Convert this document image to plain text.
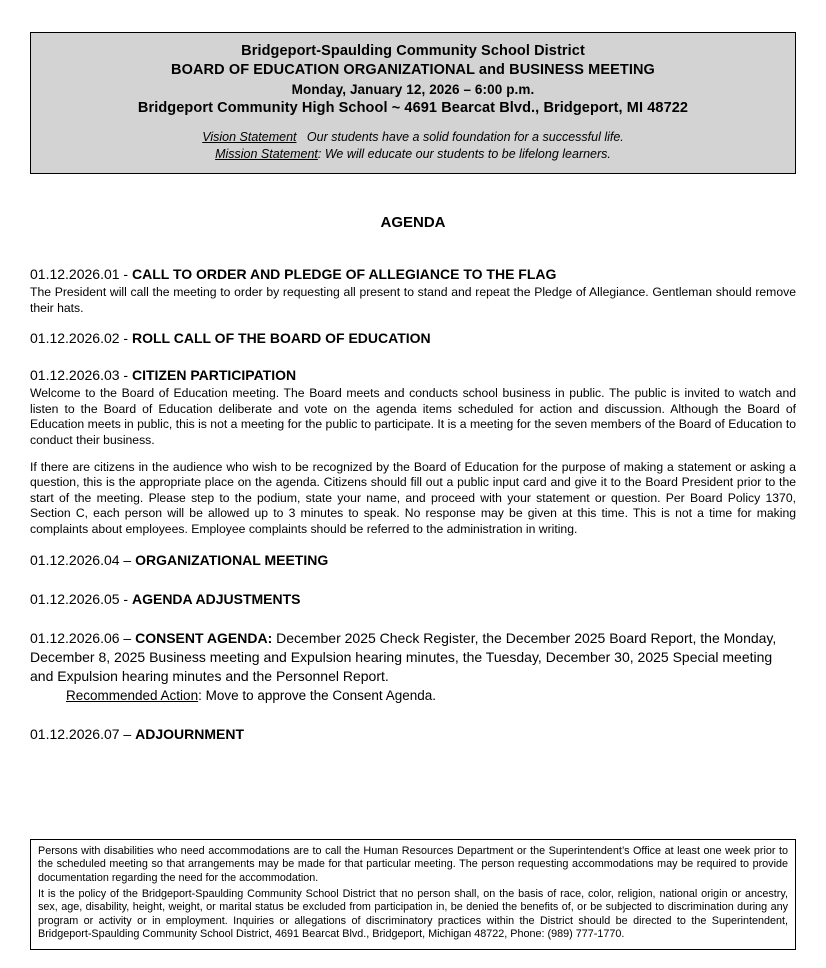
Bridgeport-Spaulding Community School District
BOARD OF EDUCATION ORGANIZATIONAL and BUSINESS MEETING
Monday, January 12, 2026 – 6:00 p.m.
Bridgeport Community High School ~ 4691 Bearcat Blvd., Bridgeport, MI 48722
Vision Statement Our students have a solid foundation for a successful life.
Mission Statement: We will educate our students to be lifelong learners.
AGENDA
01.12.2026.01 - CALL TO ORDER AND PLEDGE OF ALLEGIANCE TO THE FLAG

The President will call the meeting to order by requesting all present to stand and repeat the Pledge of Allegiance. Gentleman should remove their hats.

01.12.2026.02 - ROLL CALL OF THE BOARD OF EDUCATION
01.12.2026.03 - CITIZEN PARTICIPATION

Welcome to the Board of Education meeting. The Board meets and conducts school business in public. The public is invited to watch and listen to the Board of Education deliberate and vote on the agenda items scheduled for action and discussion. Although the Board of Education meets in public, this is not a meeting for the public to participate. It is a meeting for the seven members of the Board of Education to conduct their business.

If there are citizens in the audience who wish to be recognized by the Board of Education for the purpose of making a statement or asking a question, this is the appropriate place on the agenda. Citizens should fill out a public input card and give it to the Board President prior to the start of the meeting. Please step to the podium, state your name, and proceed with your statement or question. Per Board Policy 1370, Section C, each person will be allowed up to 3 minutes to speak. No response may be given at this time. This is not a time for making complaints about employees. Employee complaints should be referred to the administration in writing.

01.12.2026.04 – ORGANIZATIONAL MEETING
01.12.2026.05 - AGENDA ADJUSTMENTS
01.12.2026.06 – CONSENT AGENDA: December 2025 Check Register, the December 2025 Board Report, the Monday, December 8, 2025 Business meeting and Expulsion hearing minutes, the Tuesday, December 30, 2025 Special meeting and Expulsion hearing minutes and the Personnel Report.
Recommended Action: Move to approve the Consent Agenda.
01.12.2026.07 – ADJOURNMENT

Persons with disabilities who need accommodations are to call the Human Resources Department or the Superintendent’s Office at least one week prior to the scheduled meeting so that arrangements may be made for that particular meeting. The person requesting accommodations may be required to provide documentation regarding the need for the accommodation.

It is the policy of the Bridgeport-Spaulding Community School District that no person shall, on the basis of race, color, religion, national origin or ancestry, sex, age, disability, height, weight, or marital status be excluded from participation in, be denied the benefits of, or be subjected to discrimination during any program or activity or in employment. Inquiries or allegations of discriminatory practices within the District should be directed to the Superintendent, Bridgeport-Spaulding Community School District, 4691 Bearcat Blvd., Bridgeport, Michigan 48722, Phone: (989) 777-1770.
